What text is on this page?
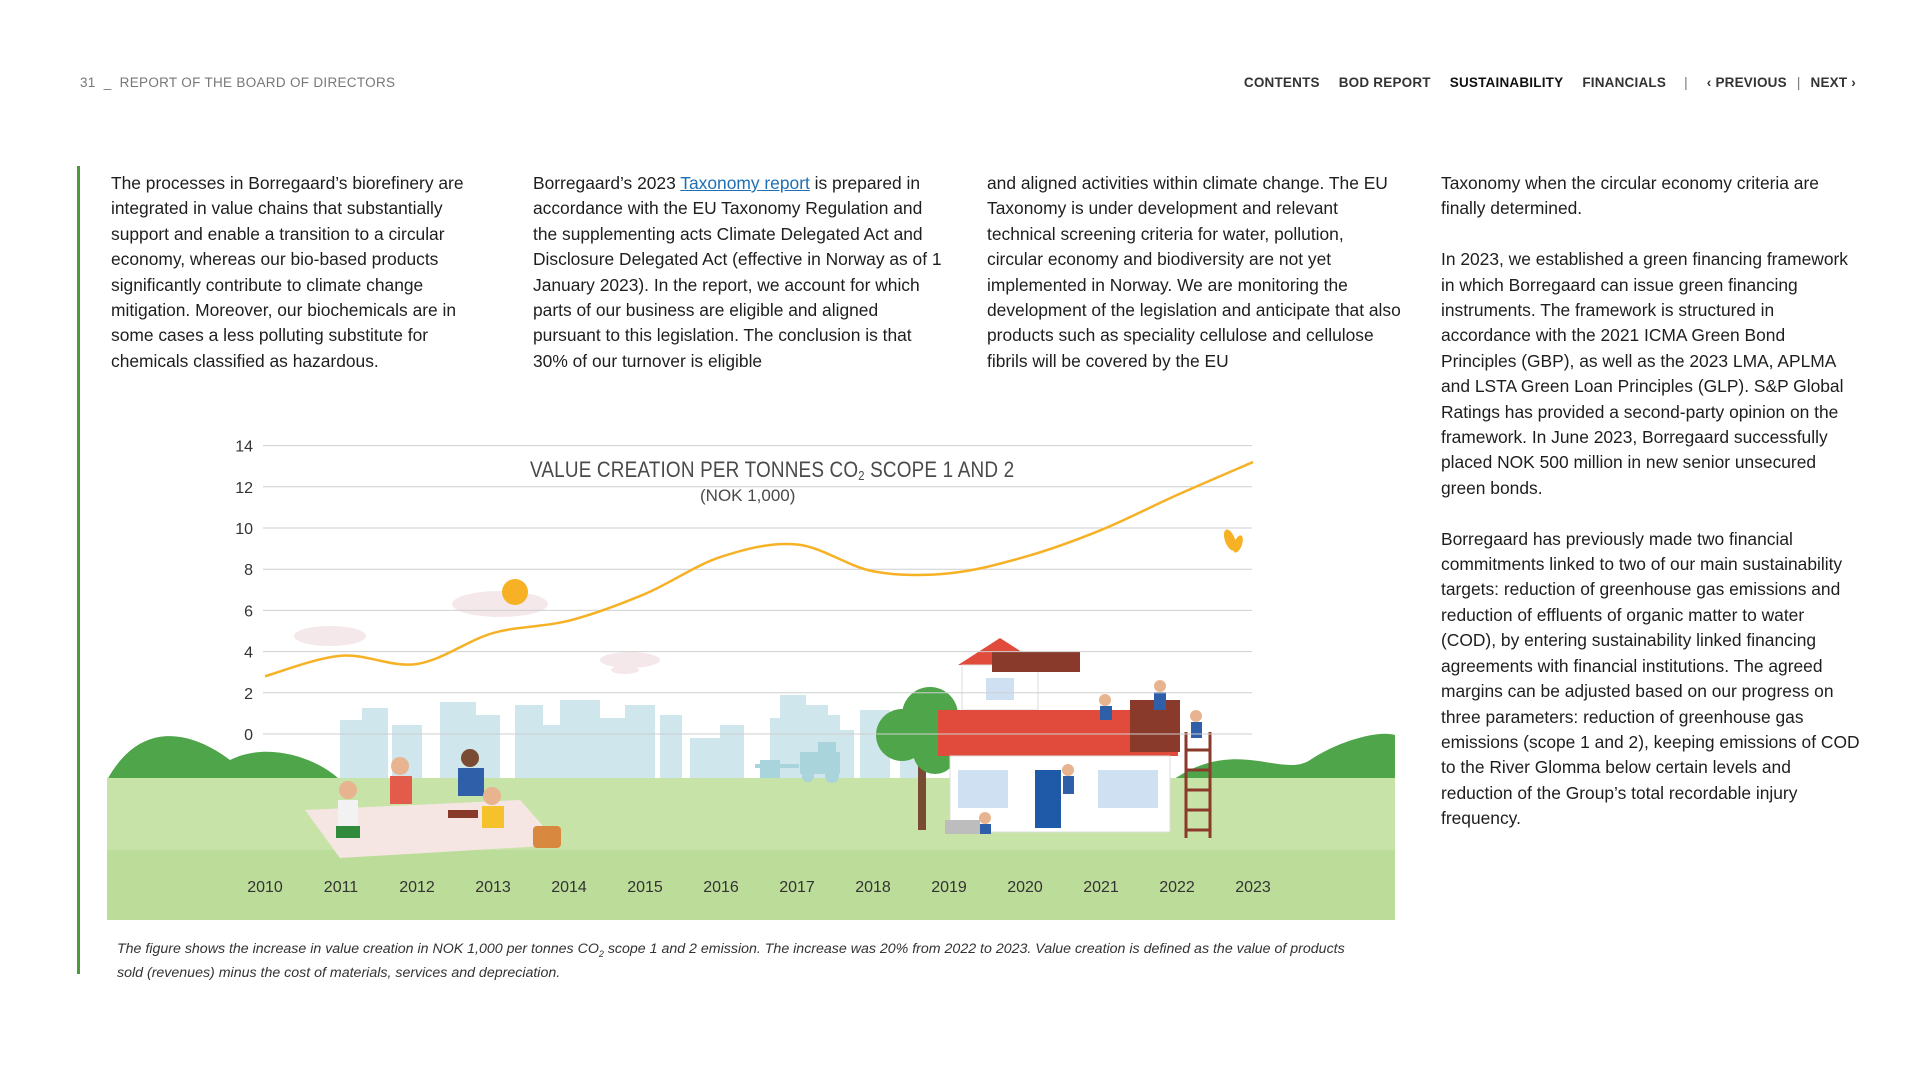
31  _  REPORT OF THE BOARD OF DIRECTORS	CONTENTS BOD REPORT SUSTAINABILITY FINANCIALS | ‹ PREVIOUS | NEXT ›

The processes in Borregaard’s biorefinery are integrated in value chains that substantially support and enable a transition to a circular economy, whereas our bio-based products significantly contribute to climate change mitigation. Moreover, our biochemicals are in some cases a less polluting substitute for chemicals classified as hazardous.

Borregaard’s 2023 Taxonomy report is prepared in accordance with the EU Taxonomy Regulation and the supplementing acts Climate Delegated Act and Disclosure Delegated Act (effective in Norway as of 1 January 2023). In the report, we account for which parts of our business are eligible and aligned pursuant to this legislation. The conclusion is that 30% of our turnover is eligible

and aligned activities within climate change. The EU Taxonomy is under development and relevant technical screening criteria for water, pollution, circular economy and biodiversity are not yet implemented in Norway. We are monitoring the development of the legislation and anticipate that also products such as speciality cellulose and cellulose fibrils will be covered by the EU

Taxonomy when the circular economy criteria are finally determined.

In 2023, we established a green financing framework in which Borregaard can issue green financing instruments. The framework is structured in accordance with the 2021 ICMA Green Bond Principles (GBP), as well as the 2023 LMA, APLMA and LSTA Green Loan Principles (GLP). S&P Global Ratings has provided a second-party opinion on the framework. In June 2023, Borregaard successfully placed NOK 500 million in new senior unsecured green bonds.

Borregaard has previously made two financial commitments linked to two of our main sustainability targets: reduction of greenhouse gas emissions and reduction of effluents of organic matter to water (COD), by entering sustainability linked financing agreements with financial institutions. The agreed margins can be adjusted based on our progress on three parameters: reduction of greenhouse gas emissions (scope 1 and 2), keeping emissions of COD to the River Glomma below certain levels and reduction of the Group’s total recordable injury frequency.

0
2
4
6
8
10
12
14
2010	2011	2012	2013	2014	2015	2016	2017	2018	2019	2020	2021	2022	2023
VALUE CREATION PER TONNES $CO_2$ SCOPE 1 AND 2
(NOK 1,000)
The figure shows the increase in value creation in NOK 1,000 per tonnes $CO_2$ scope 1 and 2 emission. The increase was 20% from 2022 to 2023. Value creation is defined as the value of products sold (revenues) minus the cost of materials, services and depreciation.
